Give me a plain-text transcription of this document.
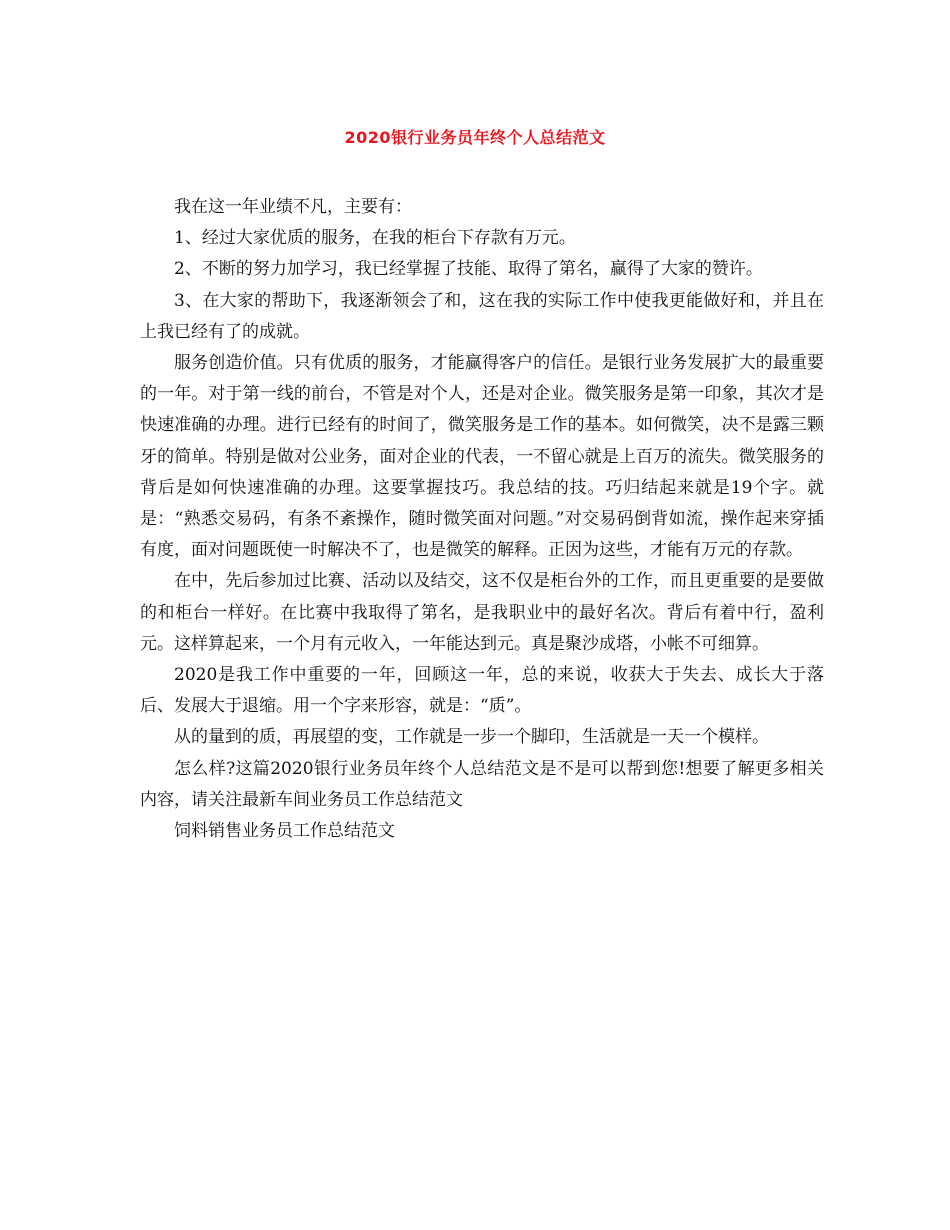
2020银行业务员年终个人总结范文

我在这一年业绩不凡，主要有：

1、经过大家优质的服务，在我的柜台下存款有万元。

2、不断的努力加学习，我已经掌握了技能、取得了第名，赢得了大家的赞许。

3、在大家的帮助下，我逐渐领会了和，这在我的实际工作中使我更能做好和，并且在上我已经有了的成就。

服务创造价值。只有优质的服务，才能赢得客户的信任。是银行业务发展扩大的最重要的一年。对于第一线的前台，不管是对个人，还是对企业。微笑服务是第一印象，其次才是快速准确的办理。进行已经有的时间了，微笑服务是工作的基本。如何微笑，决不是露三颗牙的简单。特别是做对公业务，面对企业的代表，一不留心就是上百万的流失。微笑服务的背后是如何快速准确的办理。这要掌握技巧。我总结的技。巧归结起来就是19个字。就是：“熟悉交易码，有条不紊操作，随时微笑面对问题。”对交易码倒背如流，操作起来穿插有度，面对问题既使一时解决不了，也是微笑的解释。正因为这些，才能有万元的存款。

在中，先后参加过比赛、活动以及结交，这不仅是柜台外的工作，而且更重要的是要做的和柜台一样好。在比赛中我取得了第名，是我职业中的最好名次。背后有着中行，盈利元。这样算起来，一个月有元收入，一年能达到元。真是聚沙成塔，小帐不可细算。

2020是我工作中重要的一年，回顾这一年，总的来说，收获大于失去、成长大于落后、发展大于退缩。用一个字来形容，就是：“质”。

从的量到的质，再展望的变，工作就是一步一个脚印，生活就是一天一个模样。

怎么样?这篇2020银行业务员年终个人总结范文是不是可以帮到您!想要了解更多相关内容，请关注最新车间业务员工作总结范文

饲料销售业务员工作总结范文
